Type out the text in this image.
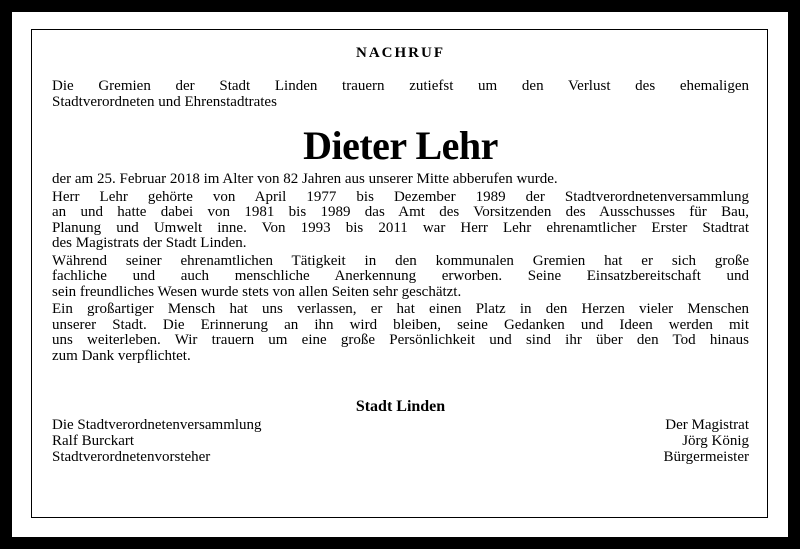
NACHRUF

Die Gremien der Stadt Linden trauern zutiefst um den Verlust des ehemaligen
Stadtverordneten und Ehrenstadtrates

Dieter Lehr

der am 25. Februar 2018 im Alter von 82 Jahren aus unserer Mitte abberufen wurde.

Herr Lehr gehörte von April 1977 bis Dezember 1989 der Stadtverordnetenversammlung
an und hatte dabei von 1981 bis 1989 das Amt des Vorsitzenden des Ausschusses für Bau,
Planung und Umwelt inne. Von 1993 bis 2011 war Herr Lehr ehrenamtlicher Erster Stadtrat
des Magistrats der Stadt Linden.

Während seiner ehrenamtlichen Tätigkeit in den kommunalen Gremien hat er sich große
fachliche und auch menschliche Anerkennung erworben. Seine Einsatzbereitschaft und
sein freundliches Wesen wurde stets von allen Seiten sehr geschätzt.

Ein großartiger Mensch hat uns verlassen, er hat einen Platz in den Herzen vieler Menschen
unserer Stadt. Die Erinnerung an ihn wird bleiben, seine Gedanken und Ideen werden mit
uns weiterleben. Wir trauern um eine große Persönlichkeit und sind ihr über den Tod hinaus
zum Dank verpflichtet.

Stadt Linden
Die Stadtverordnetenversammlung
Ralf Burckart
Stadtverordnetenvorsteher
Der Magistrat
Jörg König
Bürgermeister
